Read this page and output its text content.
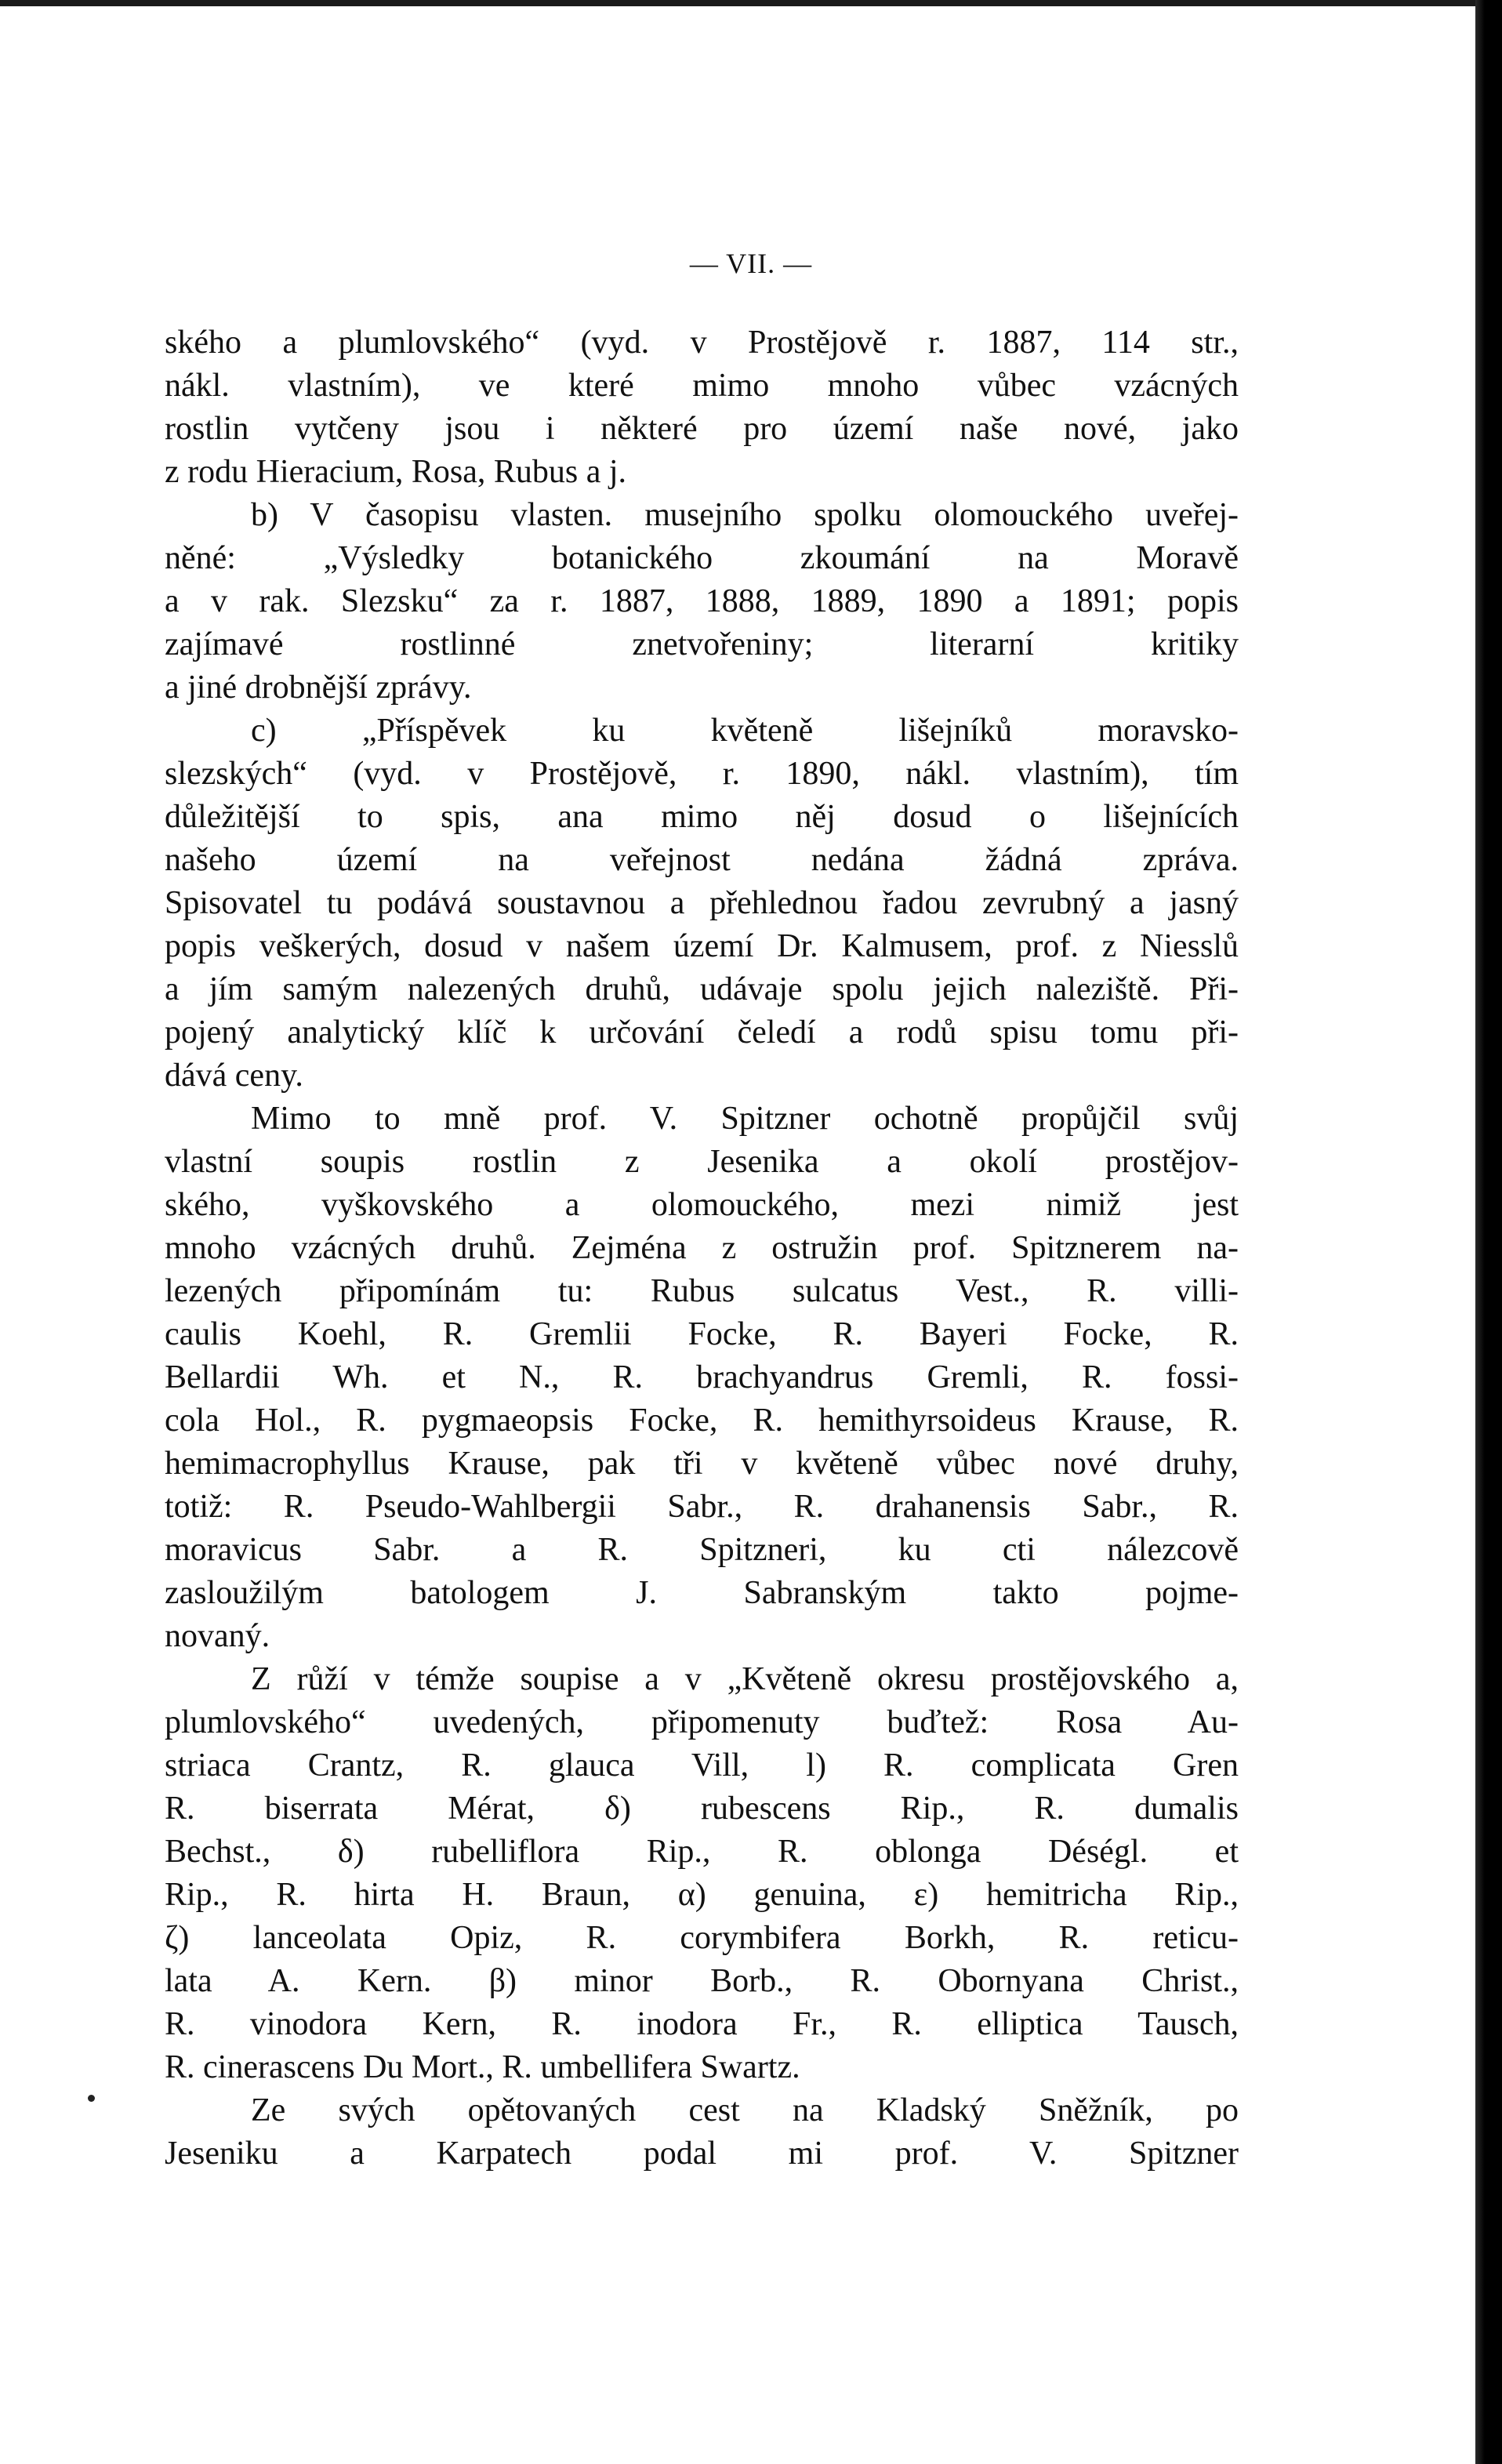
— VII. —
ského a plumlovského“ (vyd. v Prostějově r. 1887, 114 str.,
nákl. vlastním), ve které mimo mnoho vůbec vzácných
rostlin vytčeny jsou i některé pro území naše nové, jako
z rodu Hieracium, Rosa, Rubus a j.
b) V časopisu vlasten. musejního spolku olomouckého uveřej-
něné: „Výsledky botanického zkoumání na Moravě
a v rak. Slezsku“ za r. 1887, 1888, 1889, 1890 a 1891; popis
zajímavé rostlinné znetvořeniny; literarní kritiky
a jiné drobnější zprávy.
c) „Příspěvek ku květeně lišejníků moravsko-
slezských“ (vyd. v Prostějově, r. 1890, nákl. vlastním), tím
důležitější to spis, ana mimo něj dosud o lišejnících
našeho území na veřejnost nedána žádná zpráva.
Spisovatel tu podává soustavnou a přehlednou řadou zevrubný a jasný
popis veškerých, dosud v našem území Dr. Kalmusem, prof. z Niesslů
a jím samým nalezených druhů, udávaje spolu jejich naleziště. Při-
pojený analytický klíč k určování čeledí a rodů spisu tomu při-
dává ceny.
Mimo to mně prof. V. Spitzner ochotně propůjčil svůj
vlastní soupis rostlin z Jesenika a okolí prostějov-
ského, vyškovského a olomouckého, mezi nimiž jest
mnoho vzácných druhů. Zejména z ostružin prof. Spitznerem na-
lezených připomínám tu: Rubus sulcatus Vest., R. villi-
caulis Koehl, R. Gremlii Focke, R. Bayeri Focke, R.
Bellardii Wh. et N., R. brachyandrus Gremli, R. fossi-
cola Hol., R. pygmaeopsis Focke, R. hemithyrsoideus Krause, R.
hemimacrophyllus Krause, pak tři v květeně vůbec nové druhy,
totiž: R. Pseudo-Wahlbergii Sabr., R. drahanensis Sabr., R.
moravicus Sabr. a R. Spitzneri, ku cti nálezcově
zasloužilým batologem J. Sabranským takto pojme-
novaný.
Z růží v témže soupise a v „Květeně okresu prostějovského a,
plumlovského“ uvedených, připomenuty buďtež: Rosa Au-
striaca Crantz, R. glauca Vill, l) R. complicata Gren
R. biserrata Mérat, δ) rubescens Rip., R. dumalis
Bechst., δ) rubelliflora Rip., R. oblonga Déségl. et
Rip., R. hirta H. Braun, α) genuina, ε) hemitricha Rip.,
ζ) lanceolata Opiz, R. corymbifera Borkh, R. reticu-
lata A. Kern. β) minor Borb., R. Obornyana Christ.,
R. vinodora Kern, R. inodora Fr., R. elliptica Tausch,
R. cinerascens Du Mort., R. umbellifera Swartz.
Ze svých opětovaných cest na Kladský Sněžník, po
Jeseniku a Karpatech podal mi prof. V. Spitzner
